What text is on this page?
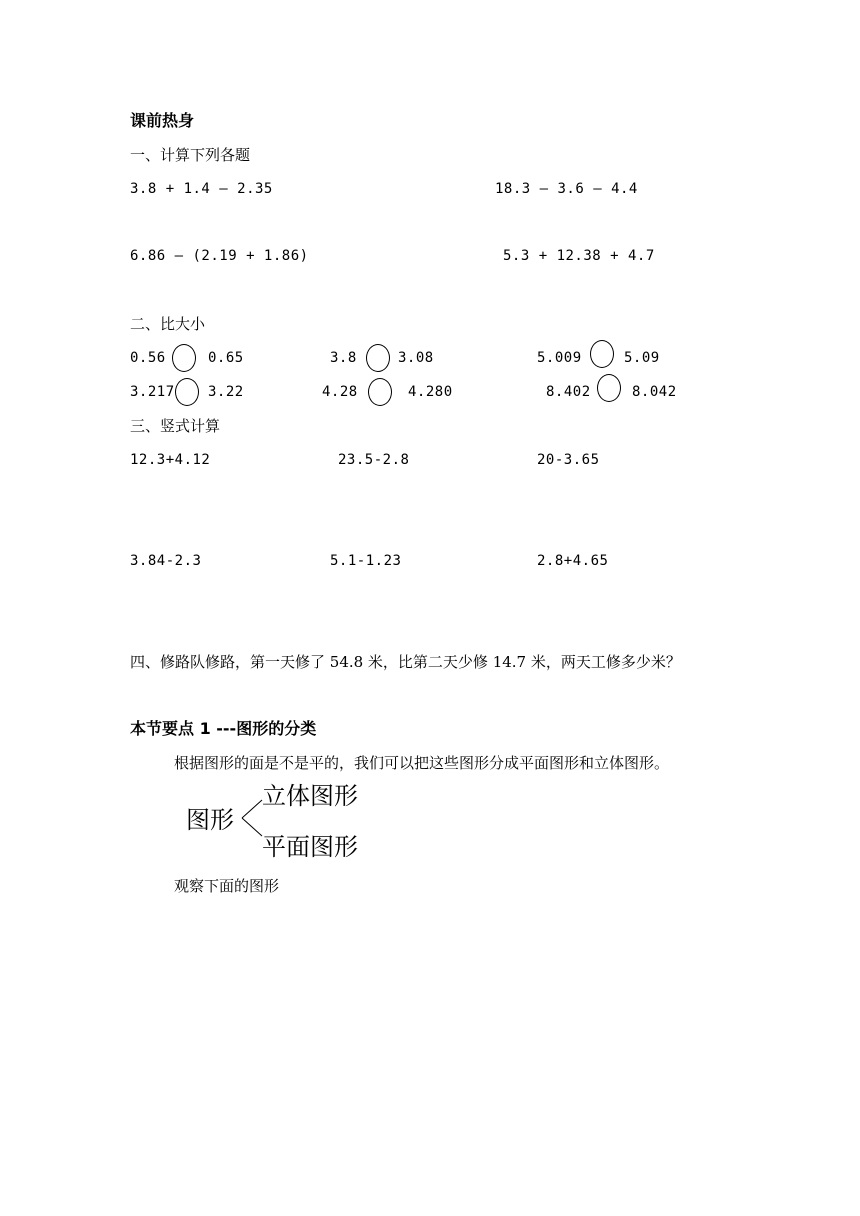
课前热身
一、计算下列各题
3.8 + 1.4 – 2.35	18.3 – 3.6 – 4.4
6.86 – (2.19 + 1.86)	5.3 + 12.38 + 4.7
二、比大小
0.56	0.65	3.8	3.08	5.009	5.09
3.217 3.22	4.28	4.280	8.402	8.042
三、竖式计算
12.3+4.12	23.5-2.8	20-3.65
3.84-2.3	5.1-1.23	2.8+4.65
四、修路队修路，第一天修了 54.8 米，比第二天少修 14.7 米，两天工修多少米？
本节要点 1 ---图形的分类
根据图形的面是不是平的，我们可以把这些图形分成平面图形和立体图形。
图形
立体图形
平面图形
观察下面的图形
